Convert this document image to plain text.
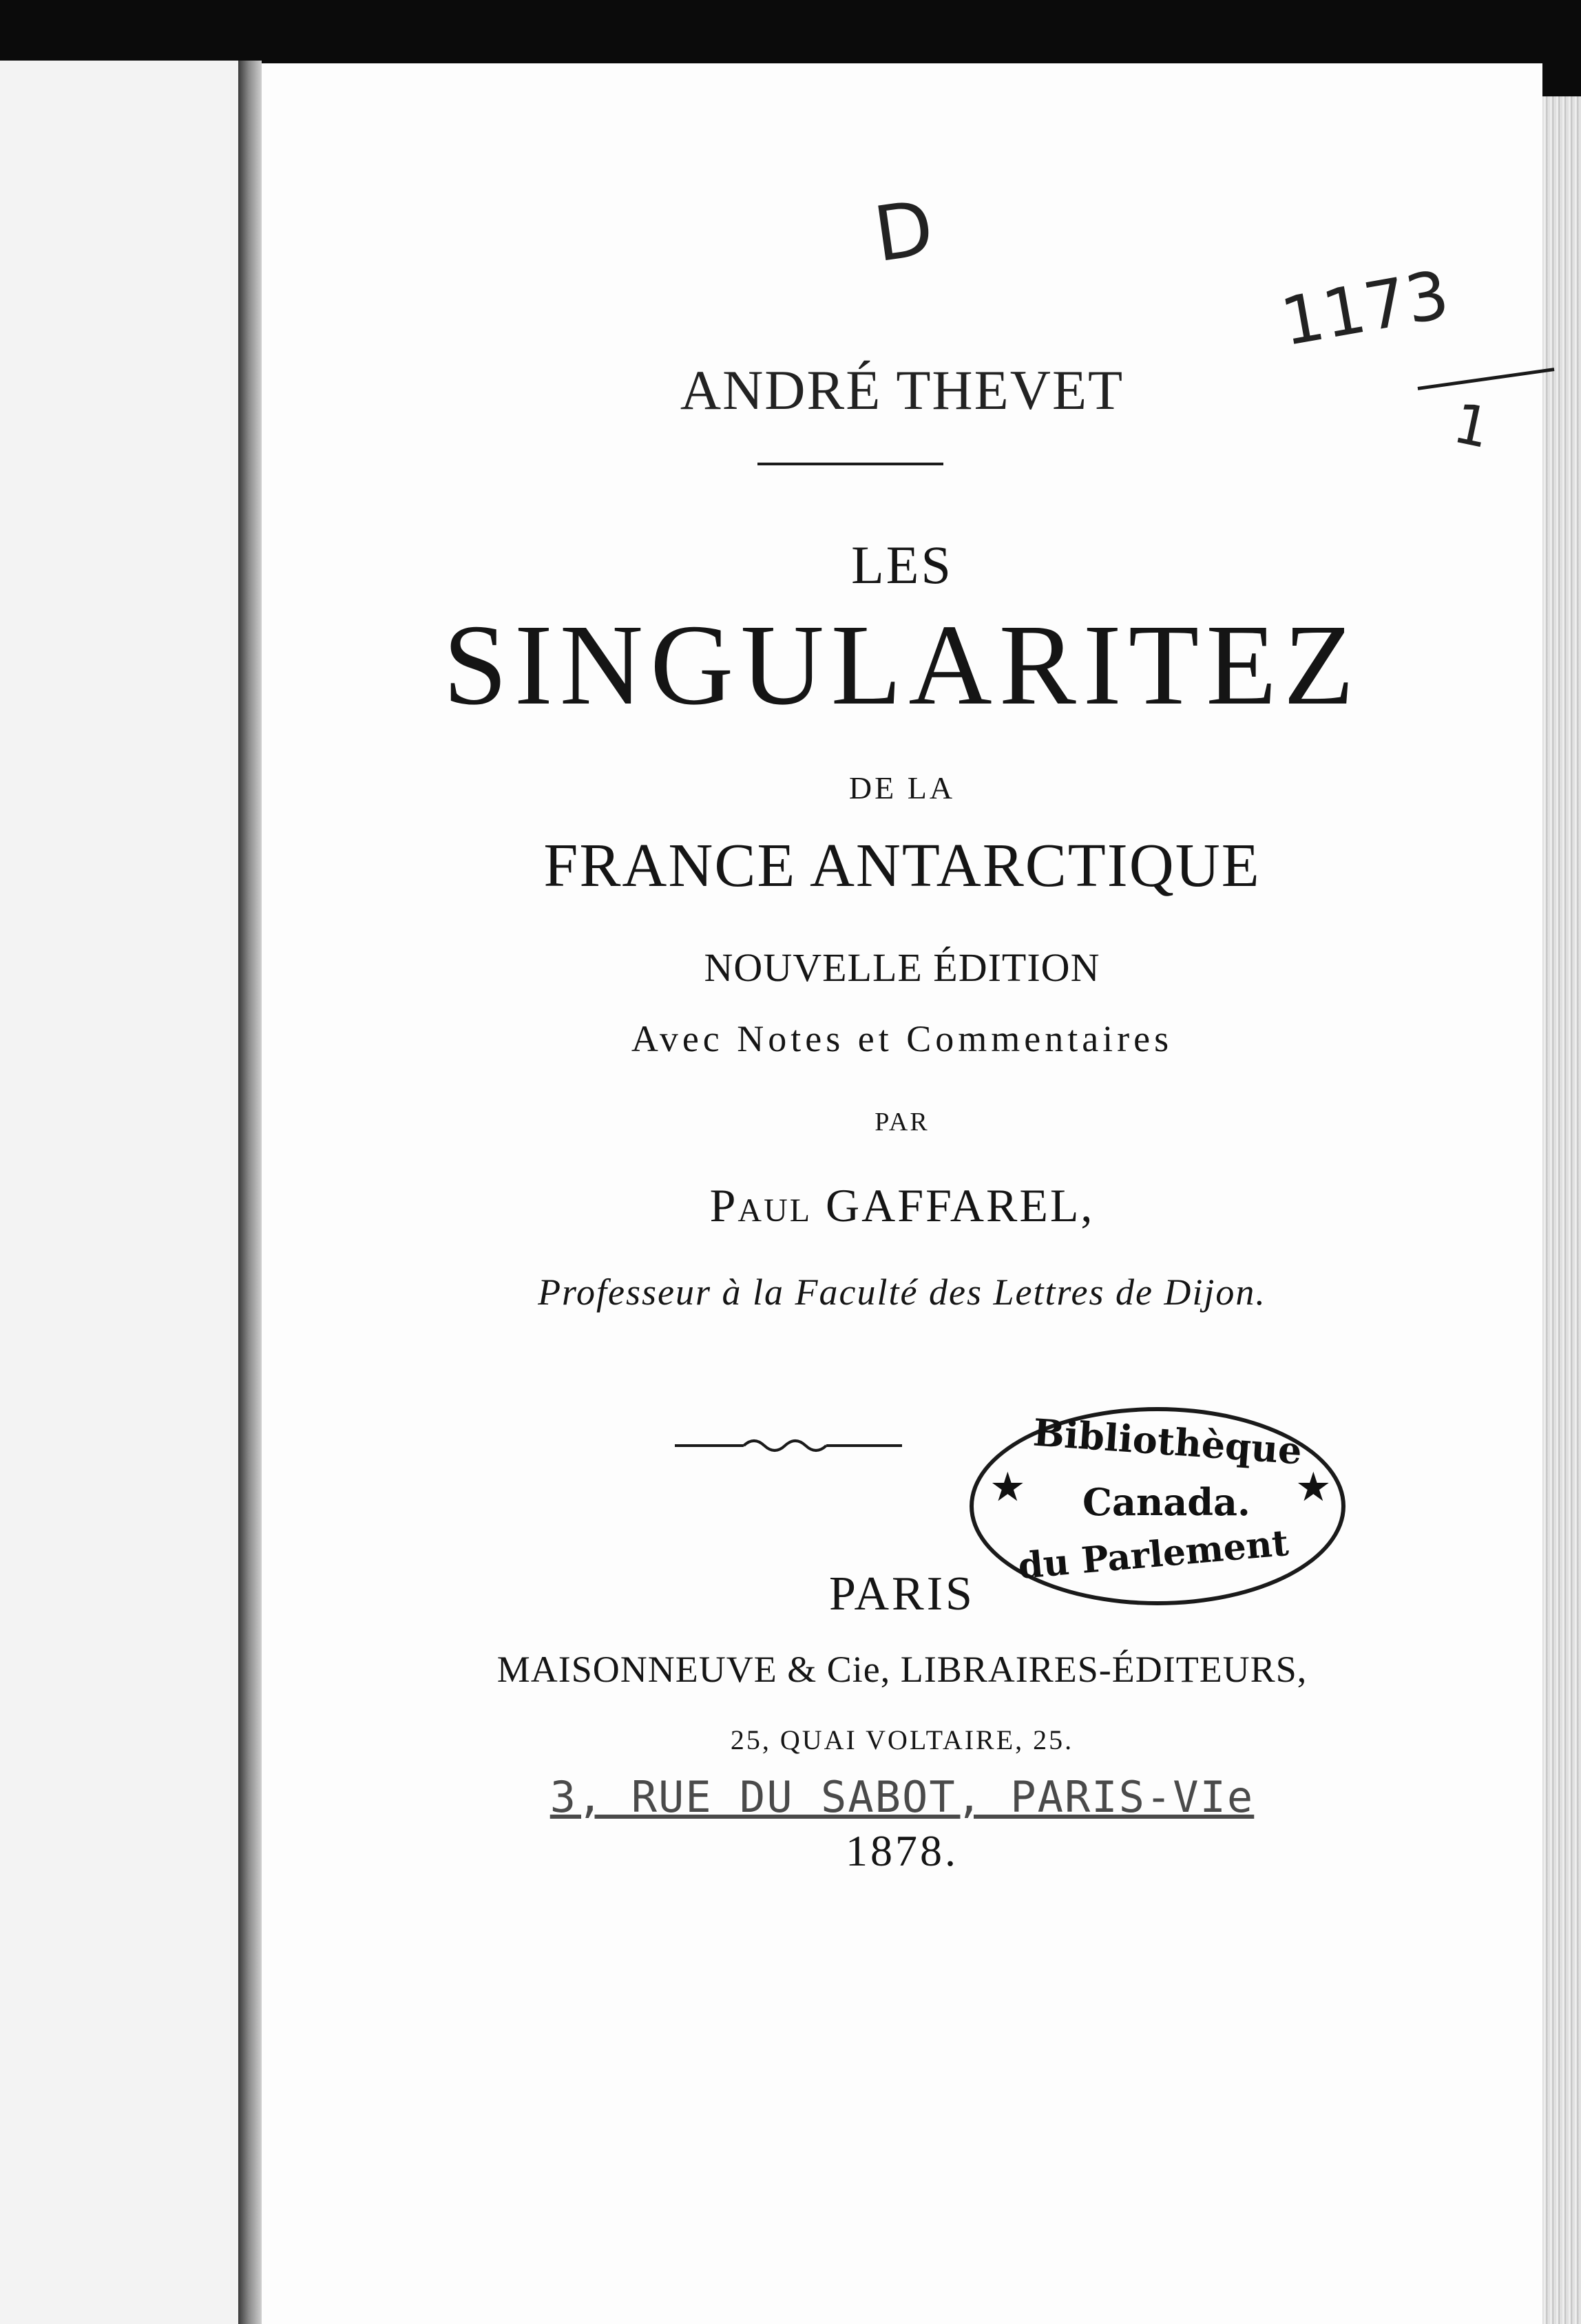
D
1173
1
ANDRÉ THEVET
LES
SINGULARITEZ
DE LA
FRANCE ANTARCTIQUE
NOUVELLE ÉDITION
Avec Notes et Commentaires
PAR
Paul GAFFAREL,
Professeur à la Faculté des Lettres de Dijon.
Bibliothèque
★ Canada. ★
du Parlement
PARIS
MAISONNEUVE & Cie, LIBRAIRES-ÉDITEURS,
25, QUAI VOLTAIRE, 25.
3, RUE DU SABOT, PARIS-VIe
1878.
